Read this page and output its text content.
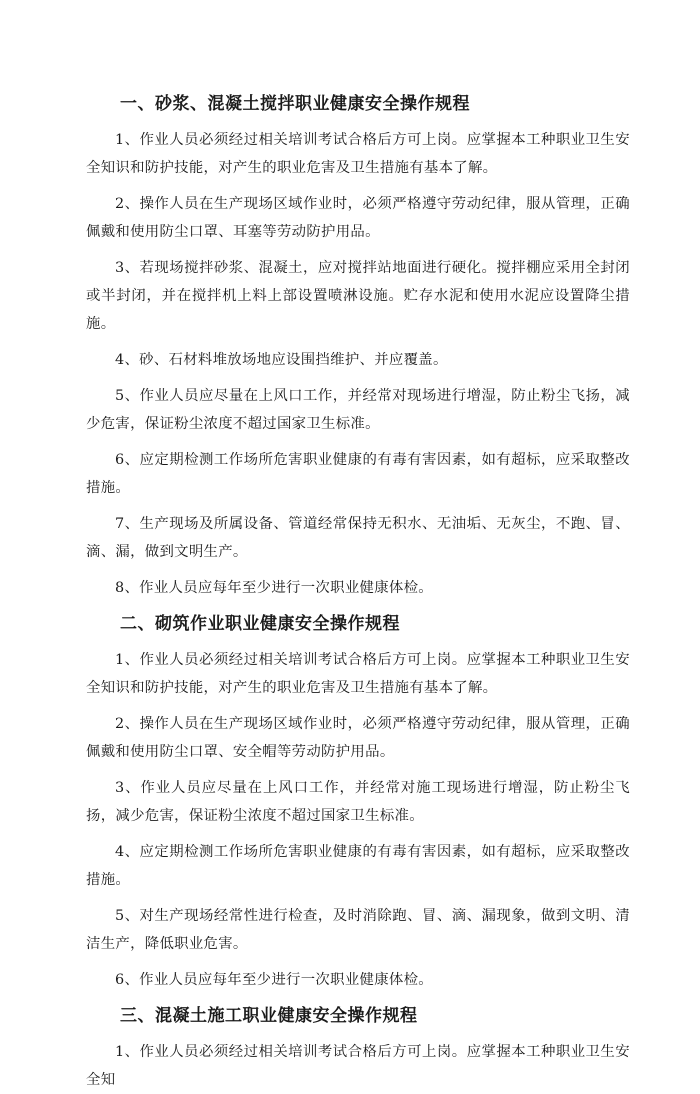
一、砂浆、混凝土搅拌职业健康安全操作规程

1、作业人员必须经过相关培训考试合格后方可上岗。应掌握本工种职业卫生安全知识和防护技能，对产生的职业危害及卫生措施有基本了解。

2、操作人员在生产现场区域作业时，必须严格遵守劳动纪律，服从管理，正确佩戴和使用防尘口罩、耳塞等劳动防护用品。

3、若现场搅拌砂浆、混凝土，应对搅拌站地面进行硬化。搅拌棚应采用全封闭或半封闭，并在搅拌机上料上部设置喷淋设施。贮存水泥和使用水泥应设置降尘措施。

4、砂、石材料堆放场地应设围挡维护、并应覆盖。

5、作业人员应尽量在上风口工作，并经常对现场进行增湿，防止粉尘飞扬，减少危害，保证粉尘浓度不超过国家卫生标准。

6、应定期检测工作场所危害职业健康的有毒有害因素，如有超标，应采取整改措施。

7、生产现场及所属设备、管道经常保持无积水、无油垢、无灰尘，不跑、冒、滴、漏，做到文明生产。

8、作业人员应每年至少进行一次职业健康体检。

二、砌筑作业职业健康安全操作规程

1、作业人员必须经过相关培训考试合格后方可上岗。应掌握本工种职业卫生安全知识和防护技能，对产生的职业危害及卫生措施有基本了解。

2、操作人员在生产现场区域作业时，必须严格遵守劳动纪律，服从管理，正确佩戴和使用防尘口罩、安全帽等劳动防护用品。

3、作业人员应尽量在上风口工作，并经常对施工现场进行增湿，防止粉尘飞扬，减少危害，保证粉尘浓度不超过国家卫生标准。

4、应定期检测工作场所危害职业健康的有毒有害因素，如有超标，应采取整改措施。

5、对生产现场经常性进行检查，及时消除跑、冒、滴、漏现象，做到文明、清洁生产，降低职业危害。

6、作业人员应每年至少进行一次职业健康体检。

三、混凝土施工职业健康安全操作规程

1、作业人员必须经过相关培训考试合格后方可上岗。应掌握本工种职业卫生安全知
